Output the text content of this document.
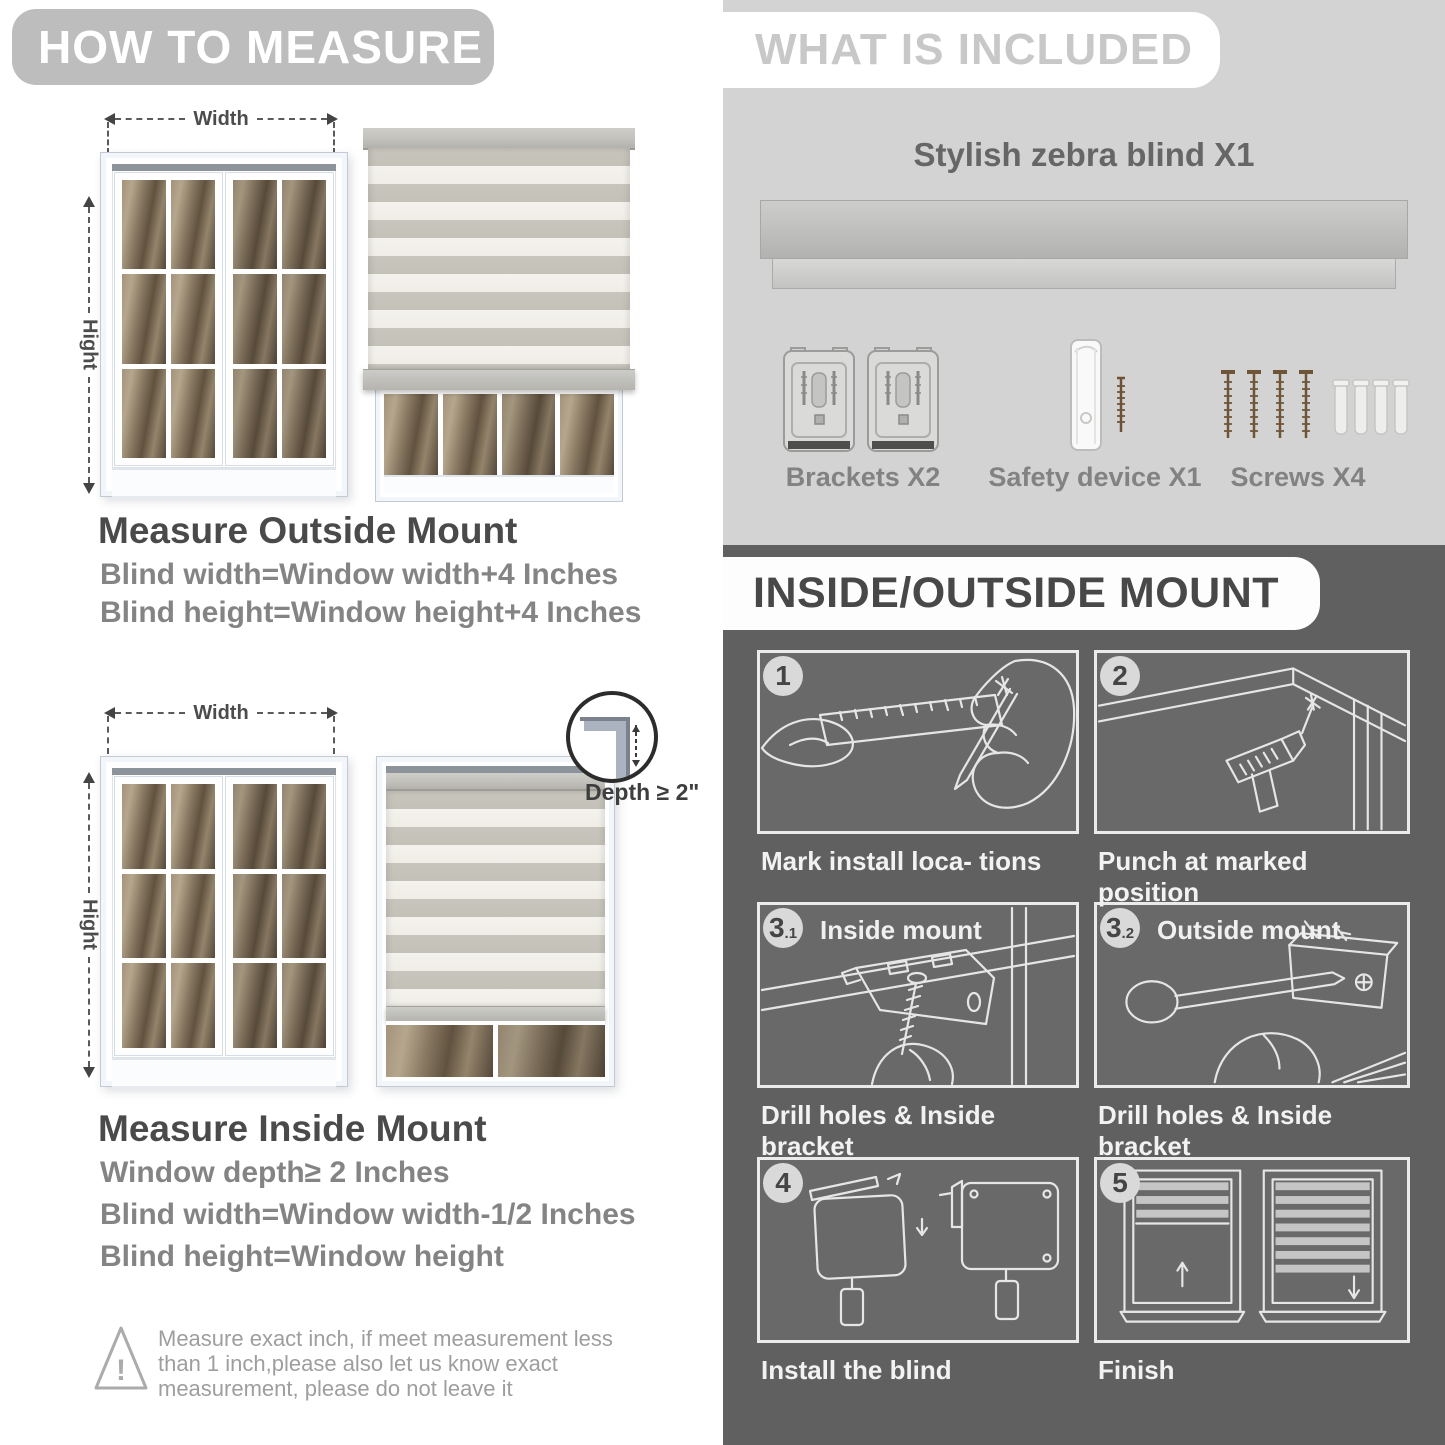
HOW TO MEASURE
Width
Hight
Measure Outside Mount
Blind width=Window width+4 Inches
Blind height=Window height+4 Inches
Width
Hight
Depth ≥ 2"
Measure Inside Mount
Window depth≥ 2 Inches
Blind width=Window width-1/2 Inches
Blind height=Window height
!
Measure exact inch, if meet measurement less than 1 inch,please also let us know exact measurement, please do not leave it
WHAT IS INCLUDED
Stylish zebra blind X1
Brackets X2	Safety device X1	Screws X4
INSIDE/OUTSIDE MOUNT
1	2
3 .1 Inside mount	3 .2 Outside mount
4	5
Mark install loca- tions	Punch at marked position
Drill holes & Inside bracket
Drill holes & Inside bracket
Install the blind	Finish
